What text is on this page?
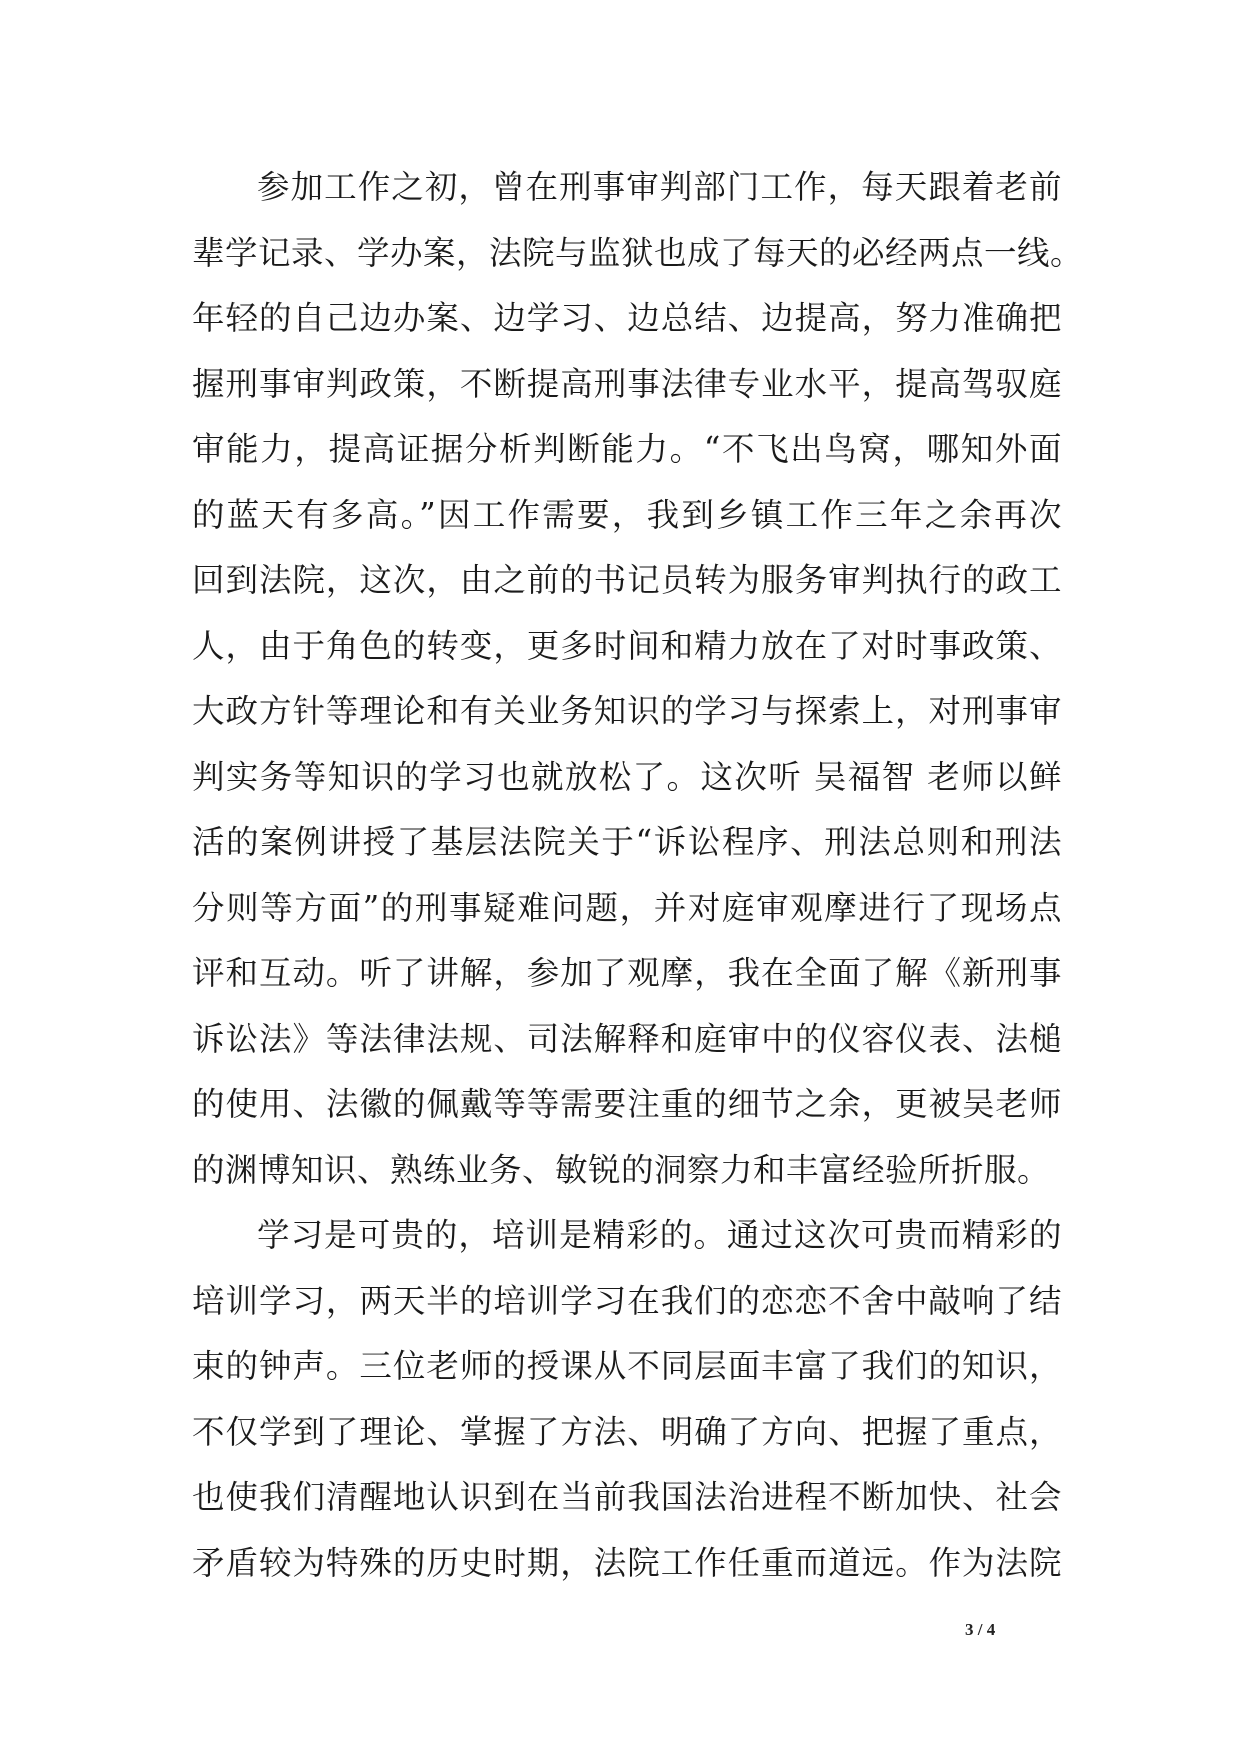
参加工作之初，曾在刑事审判部门工作，每天跟着老前
辈学记录、学办案，法院与监狱也成了每天的必经两点一线。
年轻的自己边办案、边学习、边总结、边提高，努力准确把
握刑事审判政策，不断提高刑事法律专业水平，提高驾驭庭
审能力，提高证据分析判断能力。“不飞出鸟窝，哪知外面
的蓝天有多高。”因工作需要，我到乡镇工作三年之余再次
回到法院，这次，由之前的书记员转为服务审判执行的政工
人，由于角色的转变，更多时间和精力放在了对时事政策、
大政方针等理论和有关业务知识的学习与探索上，对刑事审
判实务等知识的学习也就放松了。这次听 吴福智 老师以鲜
活的案例讲授了基层法院关于“诉讼程序、刑法总则和刑法
分则等方面”的刑事疑难问题，并对庭审观摩进行了现场点
评和互动。听了讲解，参加了观摩，我在全面了解《新刑事
诉讼法》等法律法规、司法解释和庭审中的仪容仪表、法槌
的使用、法徽的佩戴等等需要注重的细节之余，更被吴老师
的渊博知识、熟练业务、敏锐的洞察力和丰富经验所折服。
学习是可贵的，培训是精彩的。通过这次可贵而精彩的
培训学习，两天半的培训学习在我们的恋恋不舍中敲响了结
束的钟声。三位老师的授课从不同层面丰富了我们的知识，
不仅学到了理论、掌握了方法、明确了方向、把握了重点，
也使我们清醒地认识到在当前我国法治进程不断加快、社会
矛盾较为特殊的历史时期，法院工作任重而道远。作为法院
3 / 4
